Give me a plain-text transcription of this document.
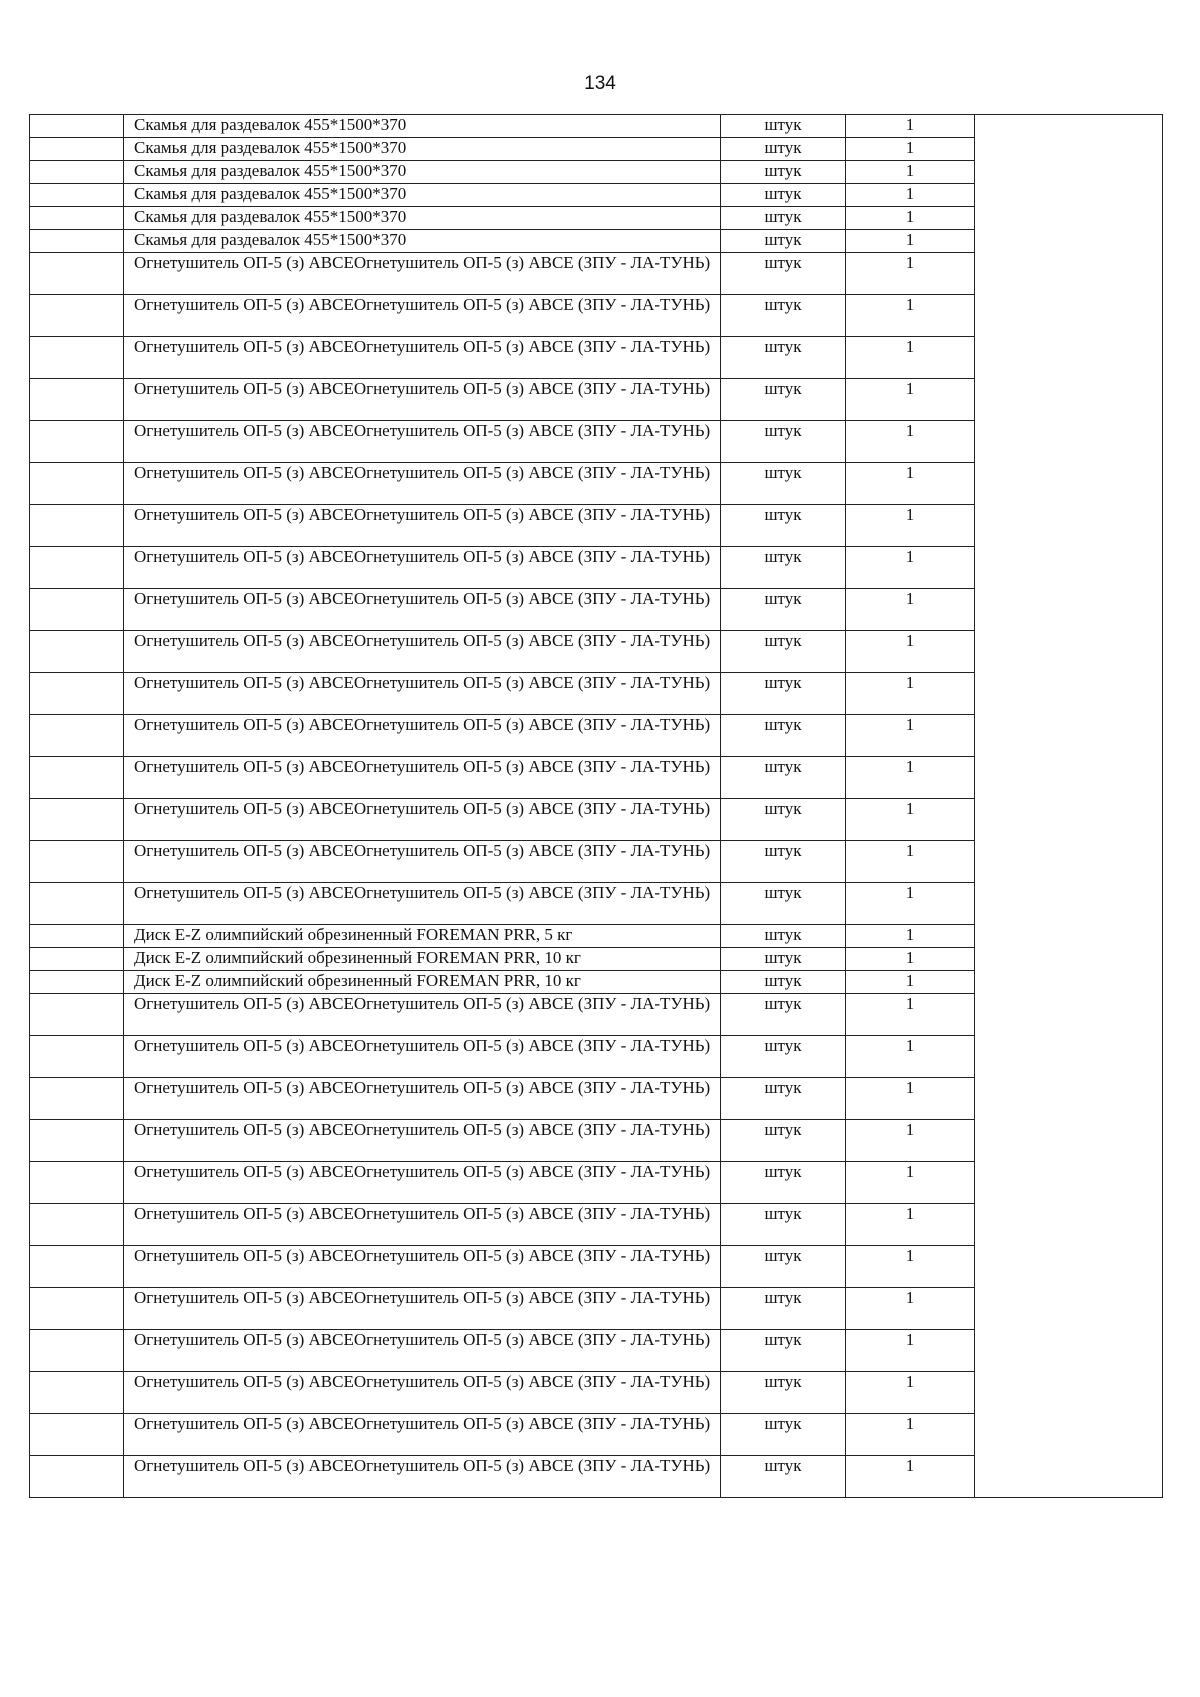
134

	Скамья для раздевалок 455*1500*370	штук	1	

	Скамья для раздевалок 455*1500*370	штук	1	

	Скамья для раздевалок 455*1500*370	штук	1	

	Скамья для раздевалок 455*1500*370	штук	1	

	Скамья для раздевалок 455*1500*370	штук	1	

	Скамья для раздевалок 455*1500*370	штук	1	

	Огнетушитель ОП-5 (з) АВСЕОгнетушитель ОП-5 (з) АВСЕ (ЗПУ - ЛА-ТУНЬ)	штук	1	

	Огнетушитель ОП-5 (з) АВСЕОгнетушитель ОП-5 (з) АВСЕ (ЗПУ - ЛА-ТУНЬ)	штук	1	

	Огнетушитель ОП-5 (з) АВСЕОгнетушитель ОП-5 (з) АВСЕ (ЗПУ - ЛА-ТУНЬ)	штук	1	

	Огнетушитель ОП-5 (з) АВСЕОгнетушитель ОП-5 (з) АВСЕ (ЗПУ - ЛА-ТУНЬ)	штук	1	

	Огнетушитель ОП-5 (з) АВСЕОгнетушитель ОП-5 (з) АВСЕ (ЗПУ - ЛА-ТУНЬ)	штук	1	

	Огнетушитель ОП-5 (з) АВСЕОгнетушитель ОП-5 (з) АВСЕ (ЗПУ - ЛА-ТУНЬ)	штук	1	

	Огнетушитель ОП-5 (з) АВСЕОгнетушитель ОП-5 (з) АВСЕ (ЗПУ - ЛА-ТУНЬ)	штук	1	

	Огнетушитель ОП-5 (з) АВСЕОгнетушитель ОП-5 (з) АВСЕ (ЗПУ - ЛА-ТУНЬ)	штук	1	

	Огнетушитель ОП-5 (з) АВСЕОгнетушитель ОП-5 (з) АВСЕ (ЗПУ - ЛА-ТУНЬ)	штук	1	

	Огнетушитель ОП-5 (з) АВСЕОгнетушитель ОП-5 (з) АВСЕ (ЗПУ - ЛА-ТУНЬ)	штук	1	

	Огнетушитель ОП-5 (з) АВСЕОгнетушитель ОП-5 (з) АВСЕ (ЗПУ - ЛА-ТУНЬ)	штук	1	

	Огнетушитель ОП-5 (з) АВСЕОгнетушитель ОП-5 (з) АВСЕ (ЗПУ - ЛА-ТУНЬ)	штук	1	

	Огнетушитель ОП-5 (з) АВСЕОгнетушитель ОП-5 (з) АВСЕ (ЗПУ - ЛА-ТУНЬ)	штук	1	

	Огнетушитель ОП-5 (з) АВСЕОгнетушитель ОП-5 (з) АВСЕ (ЗПУ - ЛА-ТУНЬ)	штук	1	

	Огнетушитель ОП-5 (з) АВСЕОгнетушитель ОП-5 (з) АВСЕ (ЗПУ - ЛА-ТУНЬ)	штук	1	

	Огнетушитель ОП-5 (з) АВСЕОгнетушитель ОП-5 (з) АВСЕ (ЗПУ - ЛА-ТУНЬ)	штук	1	

	Диск E-Z олимпийский обрезиненный FOREMAN PRR, 5 кг	штук	1	

	Диск E-Z олимпийский обрезиненный FOREMAN PRR, 10 кг	штук	1	

	Диск E-Z олимпийский обрезиненный FOREMAN PRR, 10 кг	штук	1	

	Огнетушитель ОП-5 (з) АВСЕОгнетушитель ОП-5 (з) АВСЕ (ЗПУ - ЛА-ТУНЬ)	штук	1	

	Огнетушитель ОП-5 (з) АВСЕОгнетушитель ОП-5 (з) АВСЕ (ЗПУ - ЛА-ТУНЬ)	штук	1	

	Огнетушитель ОП-5 (з) АВСЕОгнетушитель ОП-5 (з) АВСЕ (ЗПУ - ЛА-ТУНЬ)	штук	1	

	Огнетушитель ОП-5 (з) АВСЕОгнетушитель ОП-5 (з) АВСЕ (ЗПУ - ЛА-ТУНЬ)	штук	1	

	Огнетушитель ОП-5 (з) АВСЕОгнетушитель ОП-5 (з) АВСЕ (ЗПУ - ЛА-ТУНЬ)	штук	1	

	Огнетушитель ОП-5 (з) АВСЕОгнетушитель ОП-5 (з) АВСЕ (ЗПУ - ЛА-ТУНЬ)	штук	1	

	Огнетушитель ОП-5 (з) АВСЕОгнетушитель ОП-5 (з) АВСЕ (ЗПУ - ЛА-ТУНЬ)	штук	1	

	Огнетушитель ОП-5 (з) АВСЕОгнетушитель ОП-5 (з) АВСЕ (ЗПУ - ЛА-ТУНЬ)	штук	1	

	Огнетушитель ОП-5 (з) АВСЕОгнетушитель ОП-5 (з) АВСЕ (ЗПУ - ЛА-ТУНЬ)	штук	1	

	Огнетушитель ОП-5 (з) АВСЕОгнетушитель ОП-5 (з) АВСЕ (ЗПУ - ЛА-ТУНЬ)	штук	1	

	Огнетушитель ОП-5 (з) АВСЕОгнетушитель ОП-5 (з) АВСЕ (ЗПУ - ЛА-ТУНЬ)	штук	1	

	Огнетушитель ОП-5 (з) АВСЕОгнетушитель ОП-5 (з) АВСЕ (ЗПУ - ЛА-ТУНЬ)	штук	1	
